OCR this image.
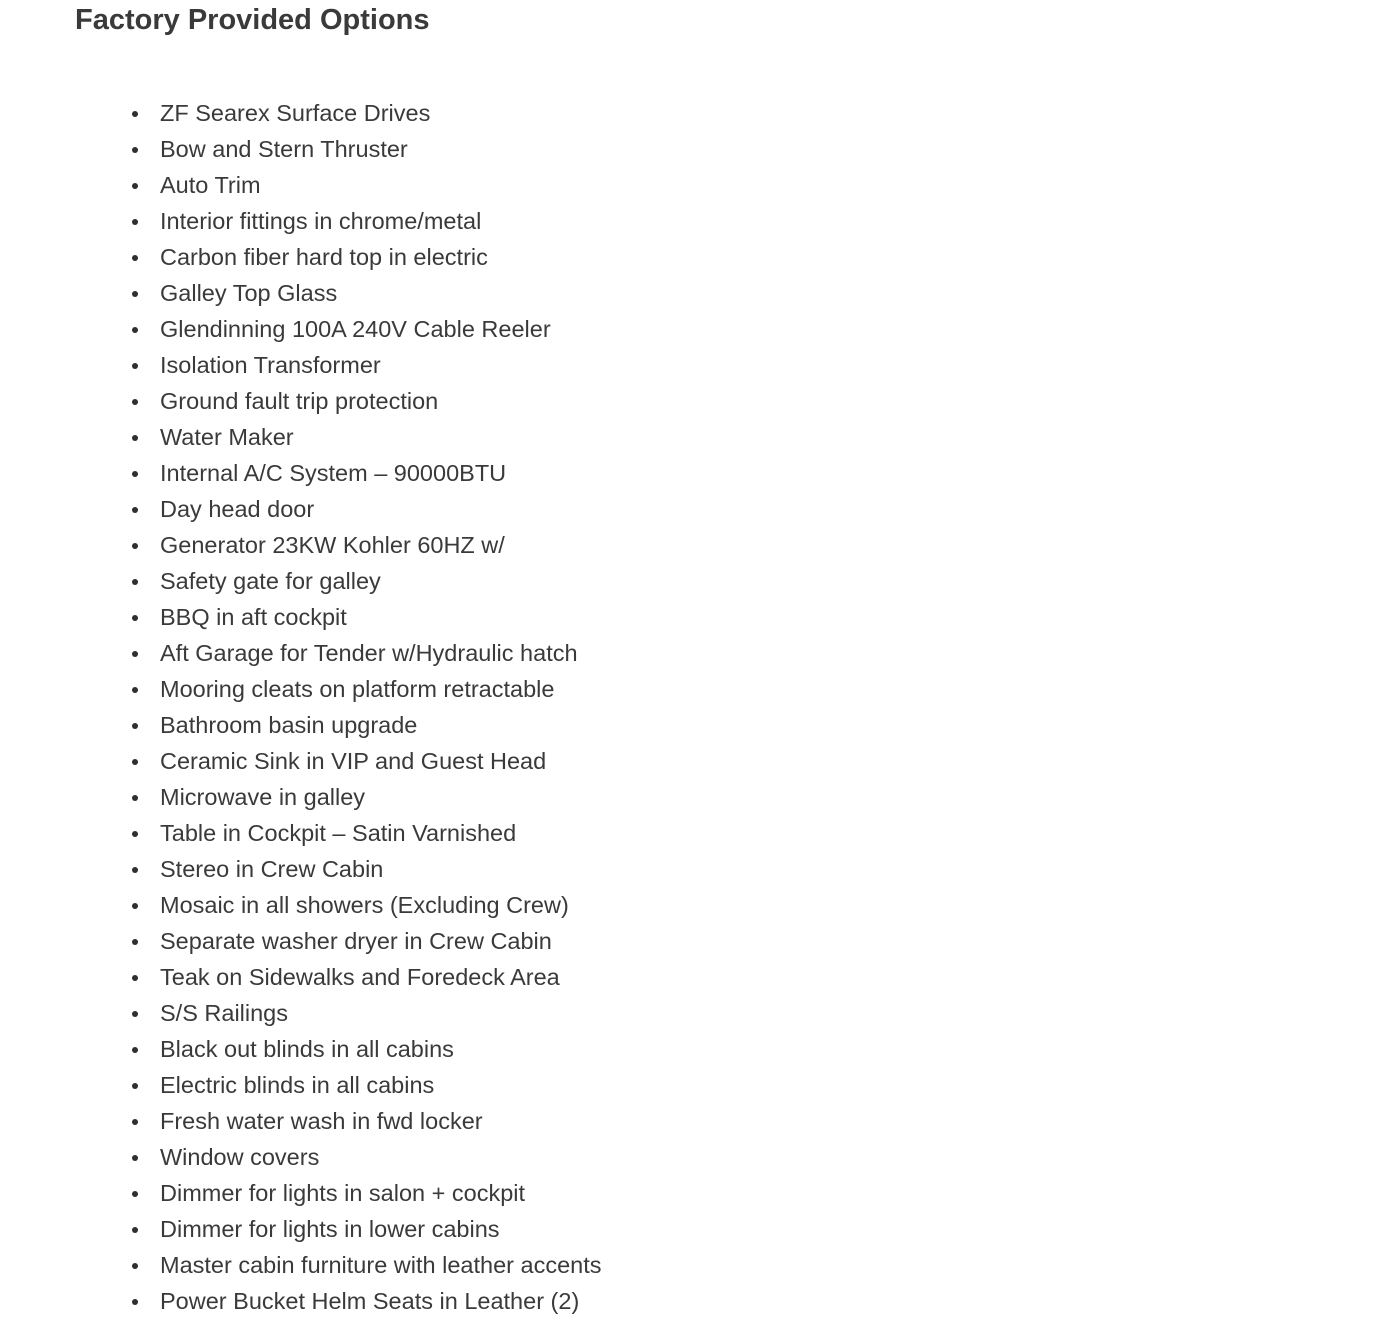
Factory Provided Options
ZF Searex Surface Drives
Bow and Stern Thruster
Auto Trim
Interior fittings in chrome/metal
Carbon fiber hard top in electric
Galley Top Glass
Glendinning 100A 240V Cable Reeler
Isolation Transformer
Ground fault trip protection
Water Maker
Internal A/C System – 90000BTU
Day head door
Generator 23KW Kohler 60HZ w/
Safety gate for galley
BBQ in aft cockpit
Aft Garage for Tender w/Hydraulic hatch
Mooring cleats on platform retractable
Bathroom basin upgrade
Ceramic Sink in VIP and Guest Head
Microwave in galley
Table in Cockpit – Satin Varnished
Stereo in Crew Cabin
Mosaic in all showers (Excluding Crew)
Separate washer dryer in Crew Cabin
Teak on Sidewalks and Foredeck Area
S/S Railings
Black out blinds in all cabins
Electric blinds in all cabins
Fresh water wash in fwd locker
Window covers
Dimmer for lights in salon + cockpit
Dimmer for lights in lower cabins
Master cabin furniture with leather accents
Power Bucket Helm Seats in Leather (2)
